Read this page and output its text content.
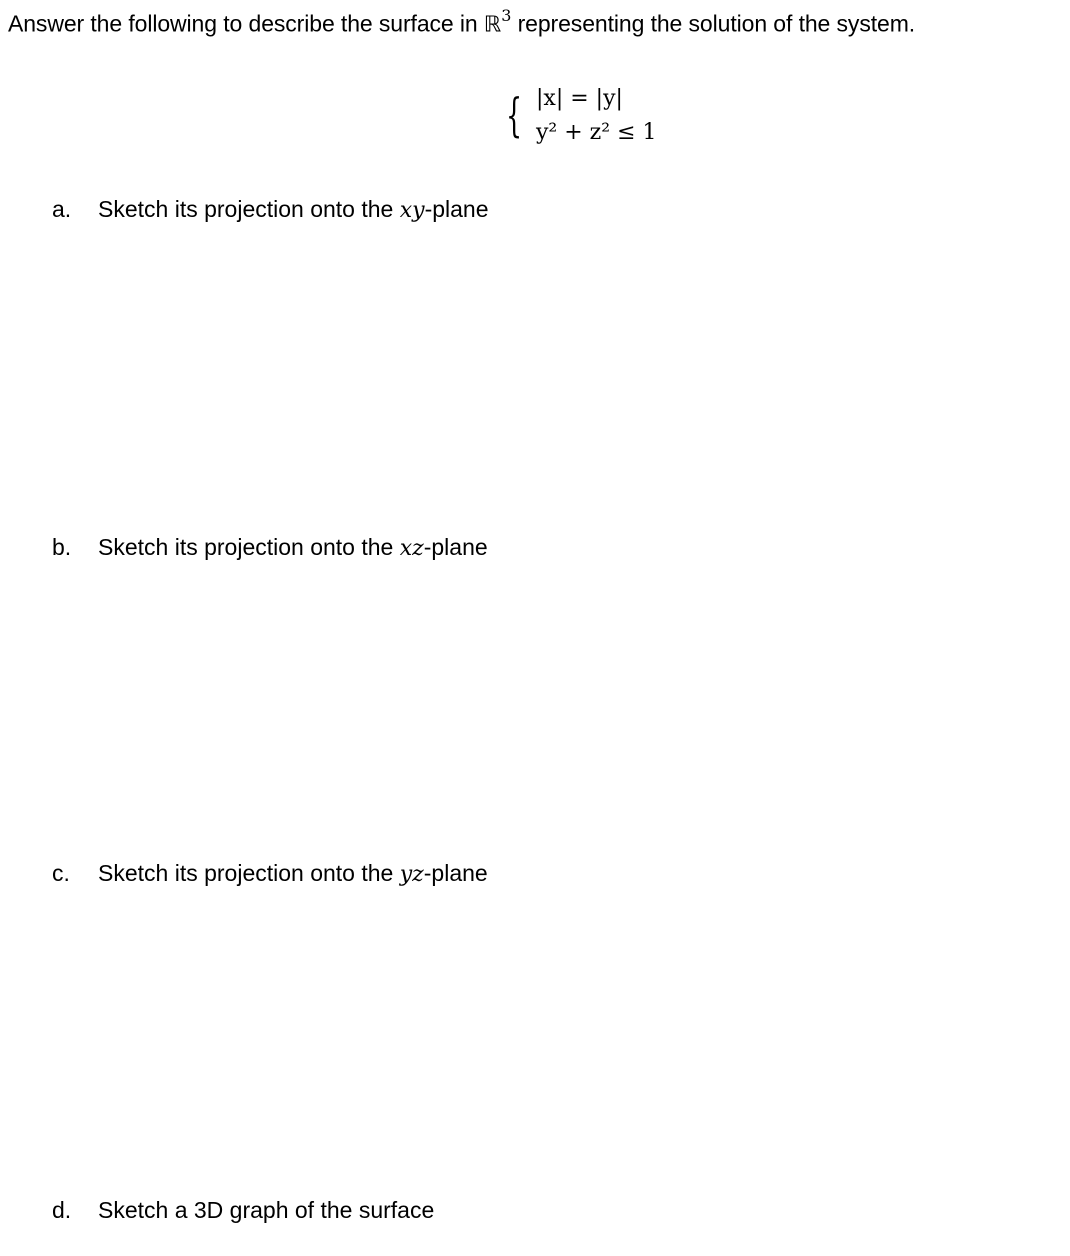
Answer the following to describe the surface in ℝ$^3$ representing the solution of the system.
{ |x| = |y|
y² + z² ≤ 1
a. Sketch its projection onto the xy-plane
b. Sketch its projection onto the xz-plane
c. Sketch its projection onto the yz-plane
d. Sketch a 3D graph of the surface
